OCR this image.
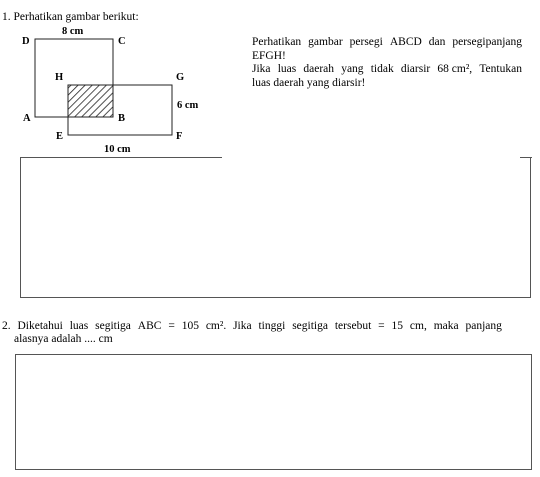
1. Perhatikan gambar berikut:
8 cm
D	C
H	G
6 cm
A	B
E	F
10 cm
Perhatikan gambar persegi ABCD dan persegipanjang
EFGH!
Jika luas daerah yang tidak diarsir 68 cm², Tentukan
luas daerah yang diarsir!
2. Diketahui luas segitiga ABC = 105 cm². Jika tinggi segitiga tersebut = 15 cm, maka panjang
alasnya adalah .... cm
